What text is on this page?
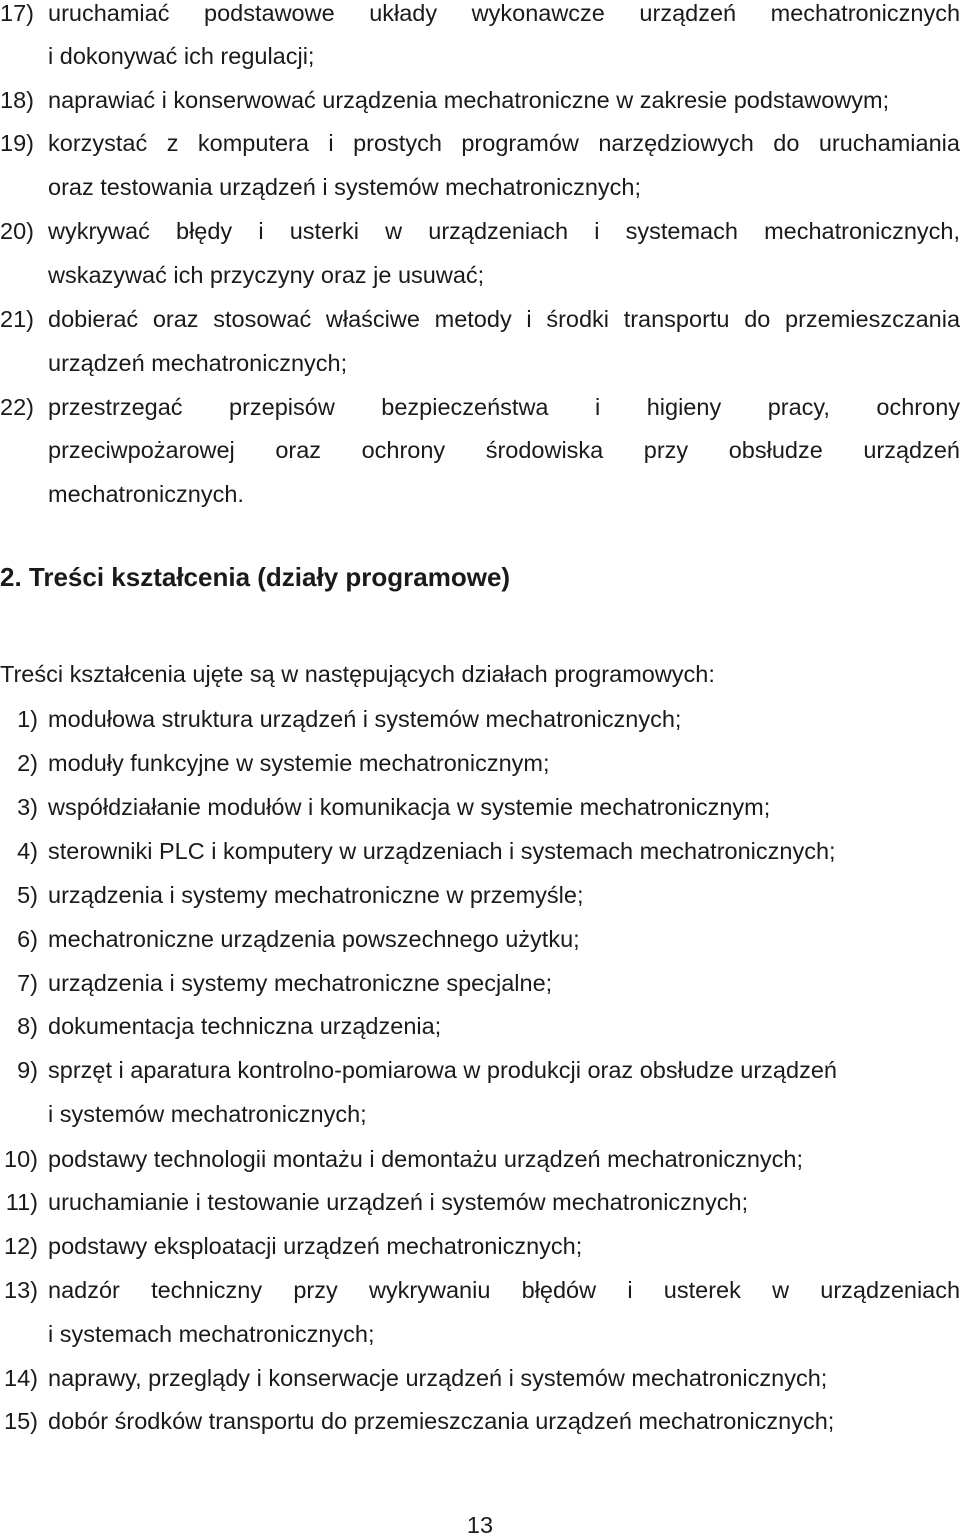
17) uruchamiać podstawowe układy wykonawcze urządzeń mechatronicznych
i dokonywać ich regulacji;
18) naprawiać i konserwować urządzenia mechatroniczne w zakresie podstawowym;
19) korzystać z komputera i prostych programów narzędziowych do uruchamiania
oraz testowania urządzeń i systemów mechatronicznych;
20) wykrywać błędy i usterki w urządzeniach i systemach mechatronicznych,
wskazywać ich przyczyny oraz je usuwać;
21) dobierać oraz stosować właściwe metody i środki transportu do przemieszczania
urządzeń mechatronicznych;
22) przestrzegać przepisów bezpieczeństwa i higieny pracy, ochrony
przeciwpożarowej oraz ochrony środowiska przy obsłudze urządzeń
mechatronicznych.
2. Treści kształcenia (działy programowe)
Treści kształcenia ujęte są w następujących działach programowych:
1) modułowa struktura urządzeń i systemów mechatronicznych;
2) moduły funkcyjne w systemie mechatronicznym;
3) współdziałanie modułów i komunikacja w systemie mechatronicznym;
4) sterowniki PLC i komputery w urządzeniach i systemach mechatronicznych;
5) urządzenia i systemy mechatroniczne w przemyśle;
6) mechatroniczne urządzenia powszechnego użytku;
7) urządzenia i systemy mechatroniczne specjalne;
8) dokumentacja techniczna urządzenia;
9) sprzęt i aparatura kontrolno-pomiarowa w produkcji oraz obsłudze urządzeń
i systemów mechatronicznych;
10) podstawy technologii montażu i demontażu urządzeń mechatronicznych;
11) uruchamianie i testowanie urządzeń i systemów mechatronicznych;
12) podstawy eksploatacji urządzeń mechatronicznych;
13) nadzór techniczny przy wykrywaniu błędów i usterek w urządzeniach
i systemach mechatronicznych;
14) naprawy, przeglądy i konserwacje urządzeń i systemów mechatronicznych;
15) dobór środków transportu do przemieszczania urządzeń mechatronicznych;
13
